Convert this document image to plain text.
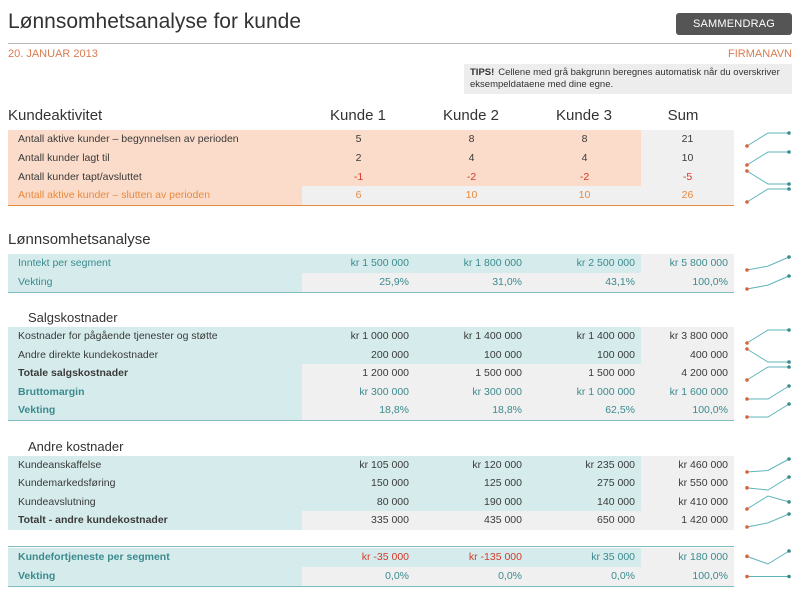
Lønnsomhetsanalyse for kunde	SAMMENDRAG
20. JANUAR 2013	FIRMANAVN
TIPS! Cellene med grå bakgrunn beregnes automatisk når du overskriver eksempeldataene med dine egne.
Kundeaktivitet	Kunde 1	Kunde 2	Kunde 3	Sum
Antall aktive kunder – begynnelsen av perioden	5	8	8	21
Antall kunder lagt til	2	4	4	10
Antall kunder tapt/avsluttet	-1	-2	-2	-5
Antall aktive kunder – slutten av perioden	6	10	10	26
Lønnsomhetsanalyse
Inntekt per segment	kr 1 500 000	kr 1 800 000	kr 2 500 000	kr 5 800 000
Vekting	25,9%	31,0%	43,1%	100,0%
Salgskostnader
Kostnader for pågående tjenester og støtte	kr 1 000 000	kr 1 400 000	kr 1 400 000	kr 3 800 000
Andre direkte kundekostnader	200 000	100 000	100 000	400 000
Totale salgskostnader	1 200 000	1 500 000	1 500 000	4 200 000
Bruttomargin	kr 300 000	kr 300 000	kr 1 000 000	kr 1 600 000
Vekting	18,8%	18,8%	62,5%	100,0%
Andre kostnader
Kundeanskaffelse	kr 105 000	kr 120 000	kr 235 000	kr 460 000
Kundemarkedsføring	150 000	125 000	275 000	kr 550 000
Kundeavslutning	80 000	190 000	140 000	kr 410 000
Totalt - andre kundekostnader	335 000	435 000	650 000	1 420 000
Kundefortjeneste per segment	kr -35 000	kr -135 000	kr 35 000	kr 180 000
Vekting	0,0%	0,0%	0,0%	100,0%
